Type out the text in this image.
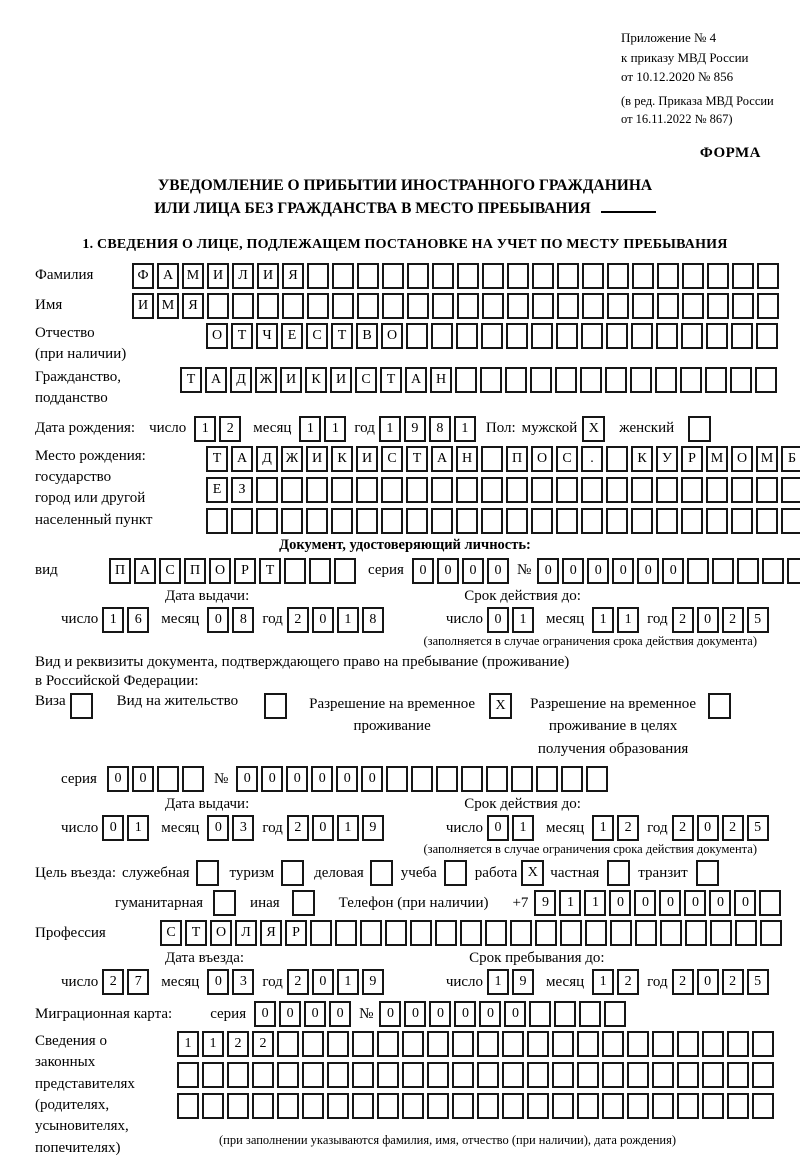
Приложение № 4
к приказу МВД России
от 10.12.2020 № 856
(в ред. Приказа МВД России
от 16.11.2022 № 867)
ФОРМА
УВЕДОМЛЕНИЕ О ПРИБЫТИИ ИНОСТРАННОГО ГРАЖДАНИНА
ИЛИ ЛИЦА БЕЗ ГРАЖДАНСТВА В МЕСТО ПРЕБЫВАНИЯ
1. СВЕДЕНИЯ О ЛИЦЕ, ПОДЛЕЖАЩЕМ ПОСТАНОВКЕ НА УЧЕТ ПО МЕСТУ ПРЕБЫВАНИЯ
Фамилия	Ф	А М И	Л	И	Я
Имя	И М	Я
Отчество
(при наличии)
О	Т	Ч	Е	С	Т	В	О
Гражданство,
подданство
Т	А	Д Ж И	К	И	С	Т	А	Н
Дата рождения: число	1	2	месяц	1	1	год 1	9	8	1	Пол: мужской X	женский
Место рождения:
государство
город или другой
населенный пункт
Т	А	Д Ж И	К	И	С	Т	А	Н	П	О	С	.	К	У	Р	М О М	Б
Е	З
Документ, удостоверяющий личность:
вид	П	А	С	П	О	Р	Т	серия	0	0	0	0	№ 0	0	0	0	0	0
Дата выдачи:	Срок действия до:
число 1	6	месяц	0	8	год 2	0	1	8	число 0	1	месяц	1	1	год 2	0	2	5
(заполняется в случае ограничения срока действия документа)
Вид и реквизиты документа, подтверждающего право на пребывание (проживание)
в Российской Федерации:
Виза	Вид на жительство	Разрешение на временное
проживание
X	Разрешение на временное
проживание в целях
получения образования
серия	0	0	№	0	0	0	0	0	0
Дата выдачи:	Срок действия до:
число 0	1	месяц	0	3	год 2	0	1	9	число 0	1	месяц	1	2	год 2	0	2	5
(заполняется в случае ограничения срока действия документа)
Цель въезда: служебная	туризм	деловая учеба	работа X частная	транзит
гуманитарная	иная	Телефон (при наличии) +7 9	1	1	0	0	0	0	0	0
Профессия	С	Т	О	Л	Я	Р
Дата въезда:	Срок пребывания до:
число 2	7	месяц	0	3	год 2	0	1	9	число 1	9	месяц	1	2	год 2	0	2	5
Миграционная карта:	серия	0	0	0	0	№ 0	0	0	0	0	0
Сведения о
законных
представителях
(родителях,
усыновителях,
попечителях)
1	1	2	2
(при заполнении указываются фамилия, имя, отчество (при наличии), дата рождения)
